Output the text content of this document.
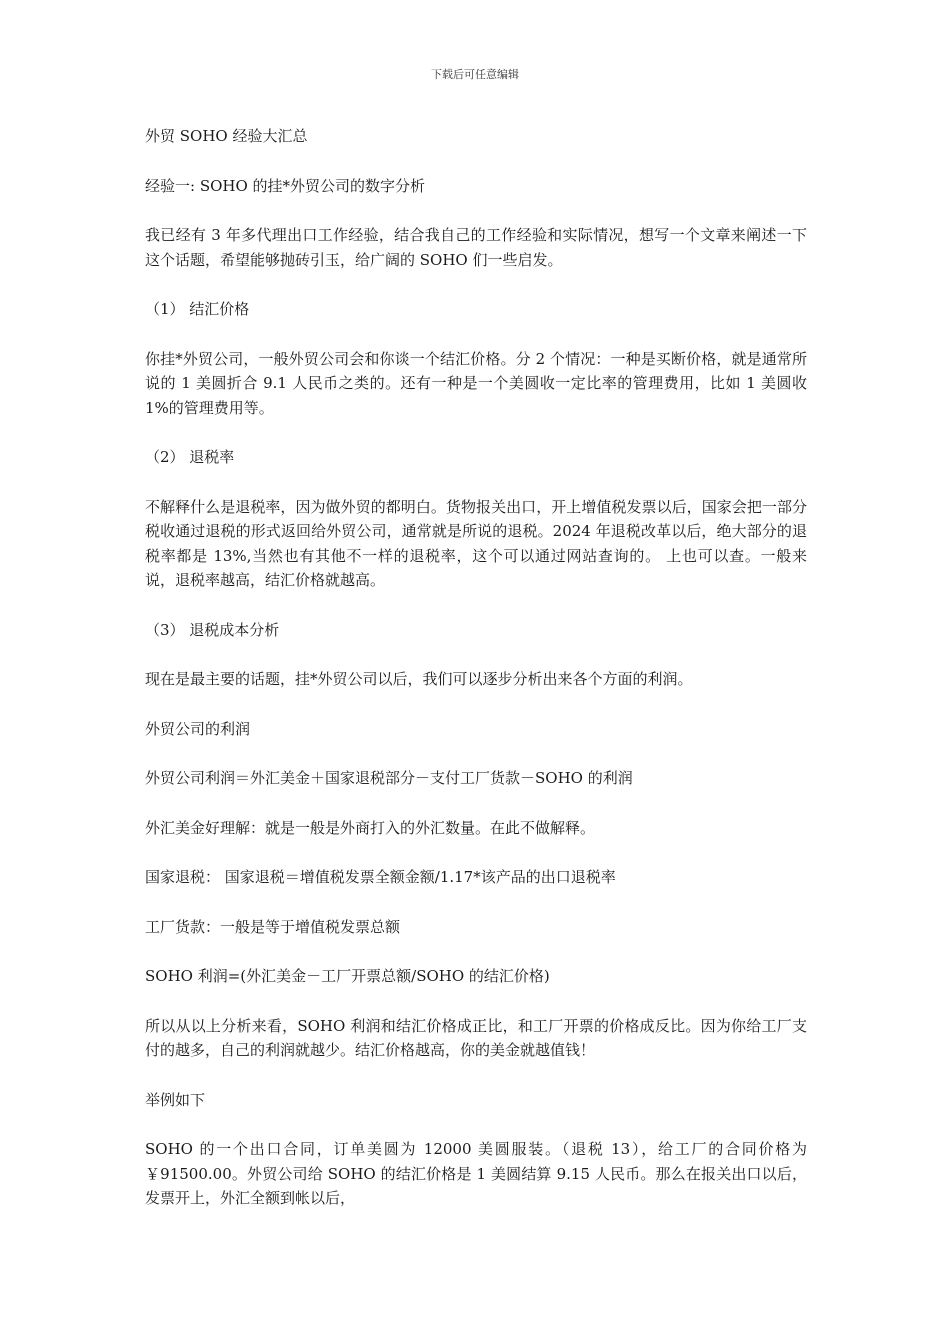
下载后可任意编辑

外贸 SOHO 经验大汇总

经验一: SOHO 的挂*外贸公司的数字分析

我已经有 3 年多代理出口工作经验，结合我自己的工作经验和实际情况，想写一个文章来阐述一下这个话题，希望能够抛砖引玉，给广阔的 SOHO 们一些启发。

（1） 结汇价格

你挂*外贸公司，一般外贸公司会和你谈一个结汇价格。分 2 个情况：一种是买断价格，就是通常所说的 1 美圆折合 9.1 人民币之类的。还有一种是一个美圆收一定比率的管理费用，比如 1 美圆收 1%的管理费用等。

（2） 退税率

不解释什么是退税率，因为做外贸的都明白。货物报关出口，开上增值税发票以后，国家会把一部分税收通过退税的形式返回给外贸公司，通常就是所说的退税。2024 年退税改革以后，绝大部分的退税率都是 13%,当然也有其他不一样的退税率，这个可以通过网站查询的。 上也可以查。一般来说，退税率越高，结汇价格就越高。

（3） 退税成本分析

现在是最主要的话题，挂*外贸公司以后，我们可以逐步分析出来各个方面的利润。

外贸公司的利润

外贸公司利润＝外汇美金＋国家退税部分－支付工厂货款－SOHO 的利润

外汇美金好理解：就是一般是外商打入的外汇数量。在此不做解释。

国家退税： 国家退税＝增值税发票全额金额/1.17*该产品的出口退税率

工厂货款：一般是等于增值税发票总额

SOHO 利润=(外汇美金－工厂开票总额/SOHO 的结汇价格)

所以从以上分析来看，SOHO 利润和结汇价格成正比，和工厂开票的价格成反比。因为你给工厂支付的越多，自己的利润就越少。结汇价格越高，你的美金就越值钱！

举例如下

SOHO 的一个出口合同，订单美圆为 12000 美圆服装。（退税 13），给工厂的合同价格为￥91500.00。外贸公司给 SOHO 的结汇价格是 1 美圆结算 9.15 人民币。那么在报关出口以后，发票开上，外汇全额到帐以后，
